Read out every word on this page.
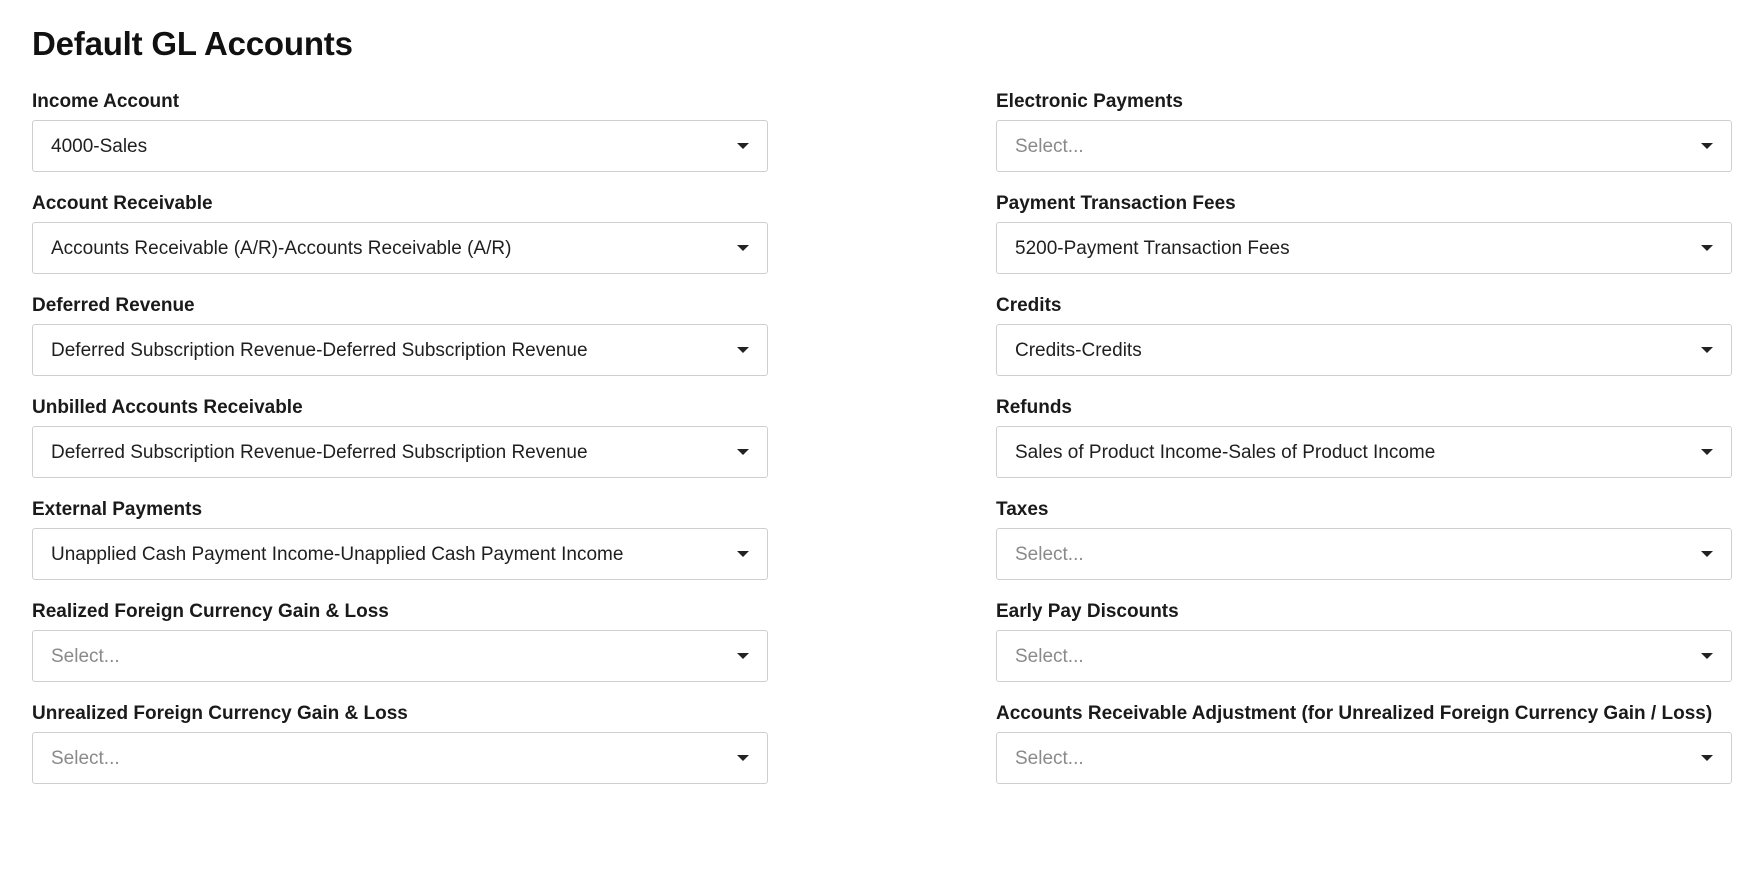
Default GL Accounts
Income Account
4000-Sales
Account Receivable
Accounts Receivable (A/R)-Accounts Receivable (A/R)
Deferred Revenue
Deferred Subscription Revenue-Deferred Subscription Revenue
Unbilled Accounts Receivable
Deferred Subscription Revenue-Deferred Subscription Revenue
External Payments
Unapplied Cash Payment Income-Unapplied Cash Payment Income
Realized Foreign Currency Gain & Loss
Select...
Unrealized Foreign Currency Gain & Loss
Select...
Electronic Payments
Select...
Payment Transaction Fees
5200-Payment Transaction Fees
Credits
Credits-Credits
Refunds
Sales of Product Income-Sales of Product Income
Taxes
Select...
Early Pay Discounts
Select...
Accounts Receivable Adjustment (for Unrealized Foreign Currency Gain / Loss)
Select...
